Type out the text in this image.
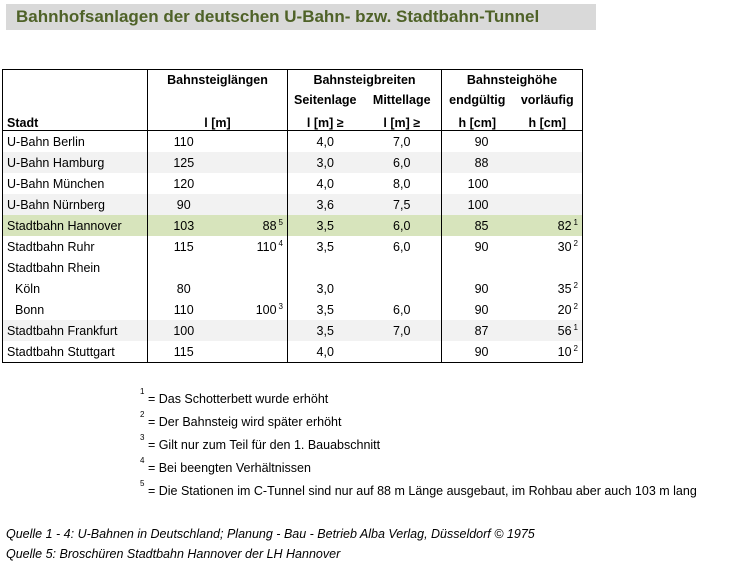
Bahnhofsanlagen der deutschen U-Bahn- bzw. Stadtbahn-Tunnel
	Bahnsteiglängen		Bahnsteigbreiten		Bahnsteighöhe	
			Seitenlage	Mittellage	endgültig	vorläufig
Stadt	l [m]		l [m] ≥	l [m] ≥	h [cm]	h [cm]
U-Bahn Berlin	110		4,0	7,0	90	
U-Bahn Hamburg	125		3,0	6,0	88	
U-Bahn München	120		4,0	8,0	100	
U-Bahn Nürnberg	90		3,6	7,5	100	
Stadtbahn Hannover	103	88 $^5$	3,5	6,0	85	82 $^1$
Stadtbahn Ruhr	115	110 $^4$	3,5	6,0	90	30 $^2$
Stadtbahn Rhein						
Köln	80		3,0		90	35 $^2$
Bonn	110	100 $^3$	3,5	6,0	90	20 $^2$
Stadtbahn Frankfurt	100		3,5	7,0	87	56 $^1$
Stadtbahn Stuttgart	115		4,0		90	10 $^2$
$^1$ = Das Schotterbett wurde erhöht
$^2$ = Der Bahnsteig wird später erhöht
$^3$ = Gilt nur zum Teil für den 1. Bauabschnitt
$^4$ = Bei beengten Verhältnissen
$^5$ = Die Stationen im C-Tunnel sind nur auf 88 m Länge ausgebaut, im Rohbau aber auch 103 m lang
Quelle 1 - 4: U-Bahnen in Deutschland; Planung - Bau - Betrieb Alba Verlag, Düsseldorf © 1975
Quelle 5: Broschüren Stadtbahn Hannover der LH Hannover
